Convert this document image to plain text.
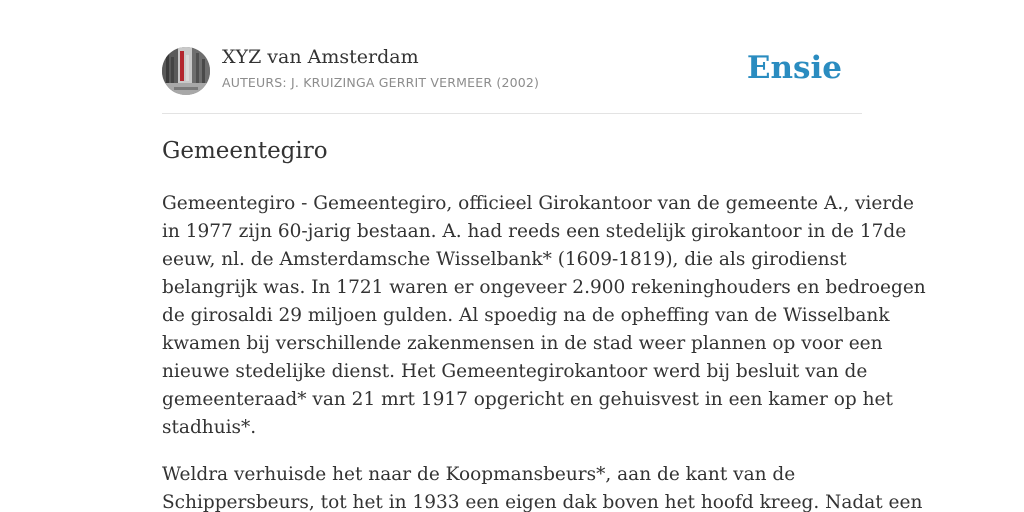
XYZ van Amsterdam
AUTEURS: J. KRUIZINGA GERRIT VERMEER (2002)	Ensie
Gemeentegiro

Gemeentegiro - Gemeentegiro, officieel Girokantoor van de gemeente A., vierde
in 1977 zijn 60-jarig bestaan. A. had reeds een stedelijk girokantoor in de 17de
eeuw, nl. de Amsterdamsche Wisselbank* (1609-1819), die als girodienst
belangrijk was. In 1721 waren er ongeveer 2.900 rekeninghouders en bedroegen
de girosaldi 29 miljoen gulden. Al spoedig na de opheffing van de Wisselbank
kwamen bij verschillende zakenmensen in de stad weer plannen op voor een
nieuwe stedelijke dienst. Het Gemeentegirokantoor werd bij besluit van de
gemeenteraad* van 21 mrt 1917 opgericht en gehuisvest in een kamer op het
stadhuis*.

Weldra verhuisde het naar de Koopmansbeurs*, aan de kant van de
Schippersbeurs, tot het in 1933 een eigen dak boven het hoofd kreeg. Nadat een
